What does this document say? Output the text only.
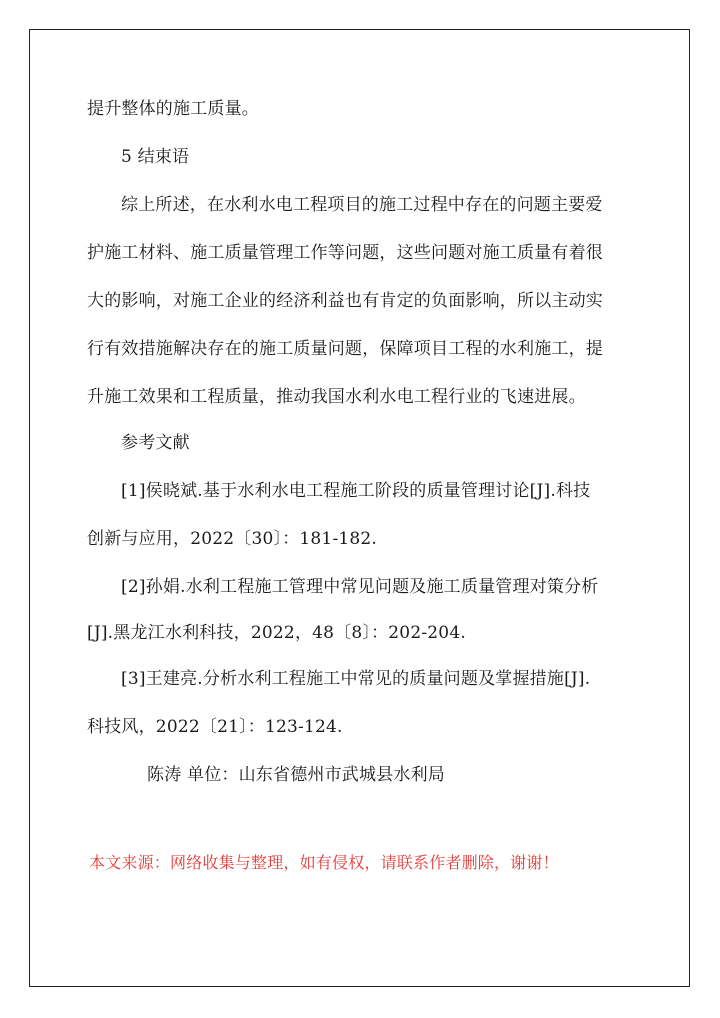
提升整体的施工质量。
5 结束语
综上所述，在水利水电工程项目的施工过程中存在的问题主要爱
护施工材料、施工质量管理工作等问题，这些问题对施工质量有着很
大的影响，对施工企业的经济利益也有肯定的负面影响，所以主动实
行有效措施解决存在的施工质量问题，保障项目工程的水利施工，提
升施工效果和工程质量，推动我国水利水电工程行业的飞速进展。
参考文献
[1]侯晓斌.基于水利水电工程施工阶段的质量管理讨论[J].科技
创新与应用，2022〔30〕：181-182.
[2]孙娟.水利工程施工管理中常见问题及施工质量管理对策分析
[J].黑龙江水利科技，2022，48〔8〕：202-204.
[3]王建亮.分析水利工程施工中常见的质量问题及掌握措施[J].
科技风，2022〔21〕：123-124.
陈涛 单位：山东省德州市武城县水利局
本文来源：网络收集与整理，如有侵权，请联系作者删除，谢谢！
